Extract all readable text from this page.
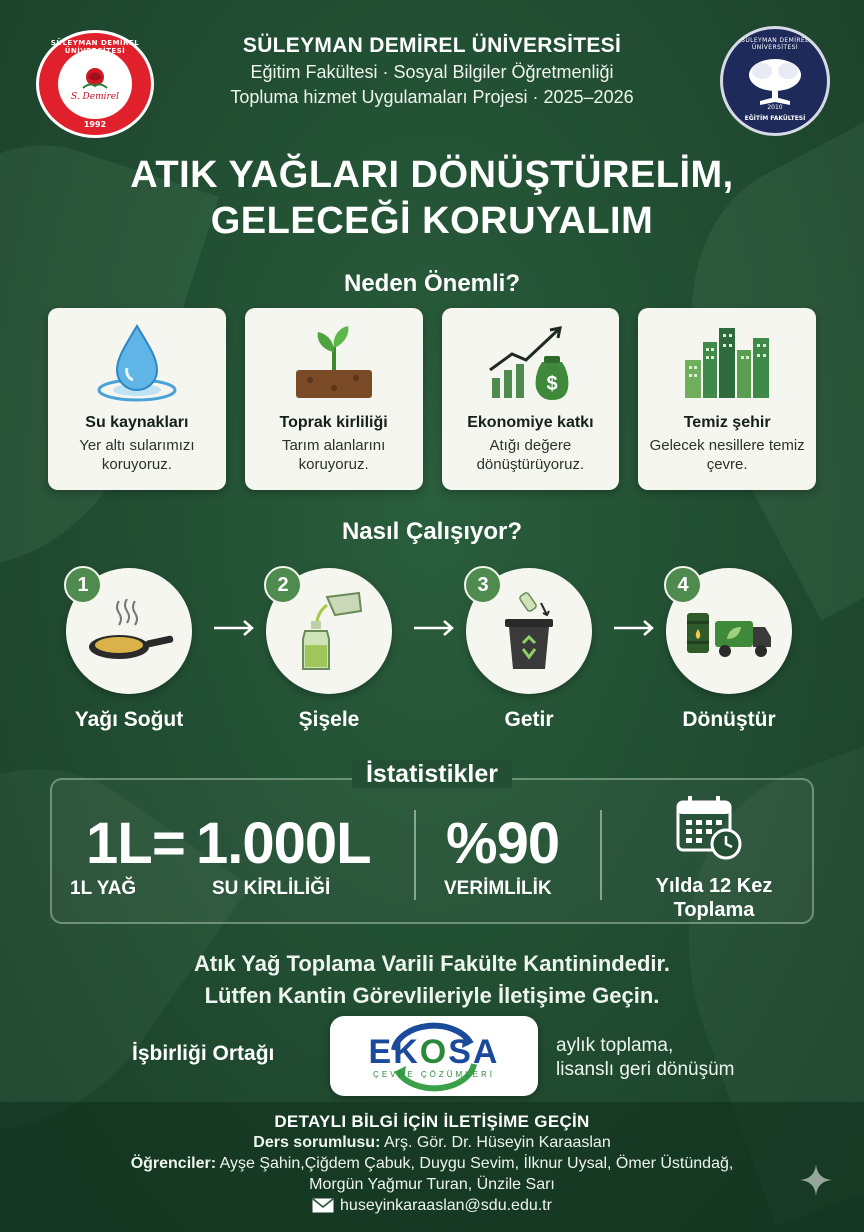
SÜLEYMAN DEMİREL ÜNİVERSİTESİ
S. Demirel
1992
SÜLEYMAN DEMİREL ÜNİVERSİTESİ
Eğitim Fakültesi · Sosyal Bilgiler Öğretmenliği
Topluma hizmet Uygulamaları Projesi · 2025–2026
SÜLEYMAN DEMİREL ÜNİVERSİTESİ
2010
EĞİTİM FAKÜLTESİ
ATIK YAĞLARI DÖNÜŞTÜRELİM,
GELECEĞİ KORUYALIM
Neden Önemli?
Su kaynakları
Yer altı sularımızı koruyoruz.
Toprak kirliliği
Tarım alanlarını koruyoruz.
$
Ekonomiye katkı
Atığı değere dönüştürüyoruz.
Temiz şehir
Gelecek nesillere temiz çevre.
Nasıl Çalışıyor?
1
Yağı Soğut
2
Şişele
3
Getir
4
Dönüştür
1L = 1.000L
1L YAĞ	SU KİRLİLİĞİ
%90
VERİMLİLİK	Yılda 12 Kez
Toplama
İstatistikler
Atık Yağ Toplama Varili Fakülte Kantinindedir.
Lütfen Kantin Görevlileriyle İletişime Geçin.
İşbirliği Ortağı	EKOSA
ÇEVRE ÇÖZÜMLERİ
aylık toplama,
lisanslı geri dönüşüm
DETAYLI BİLGİ İÇİN İLETİŞİME GEÇİN
Ders sorumlusu: Arş. Gör. Dr. Hüseyin Karaaslan
Öğrenciler: Ayşe Şahin,Çiğdem Çabuk, Duygu Sevim, İlknur Uysal, Ömer Üstündağ,
Morgün Yağmur Turan, Ünzile Sarı
huseyinkaraaslan@sdu.edu.tr
